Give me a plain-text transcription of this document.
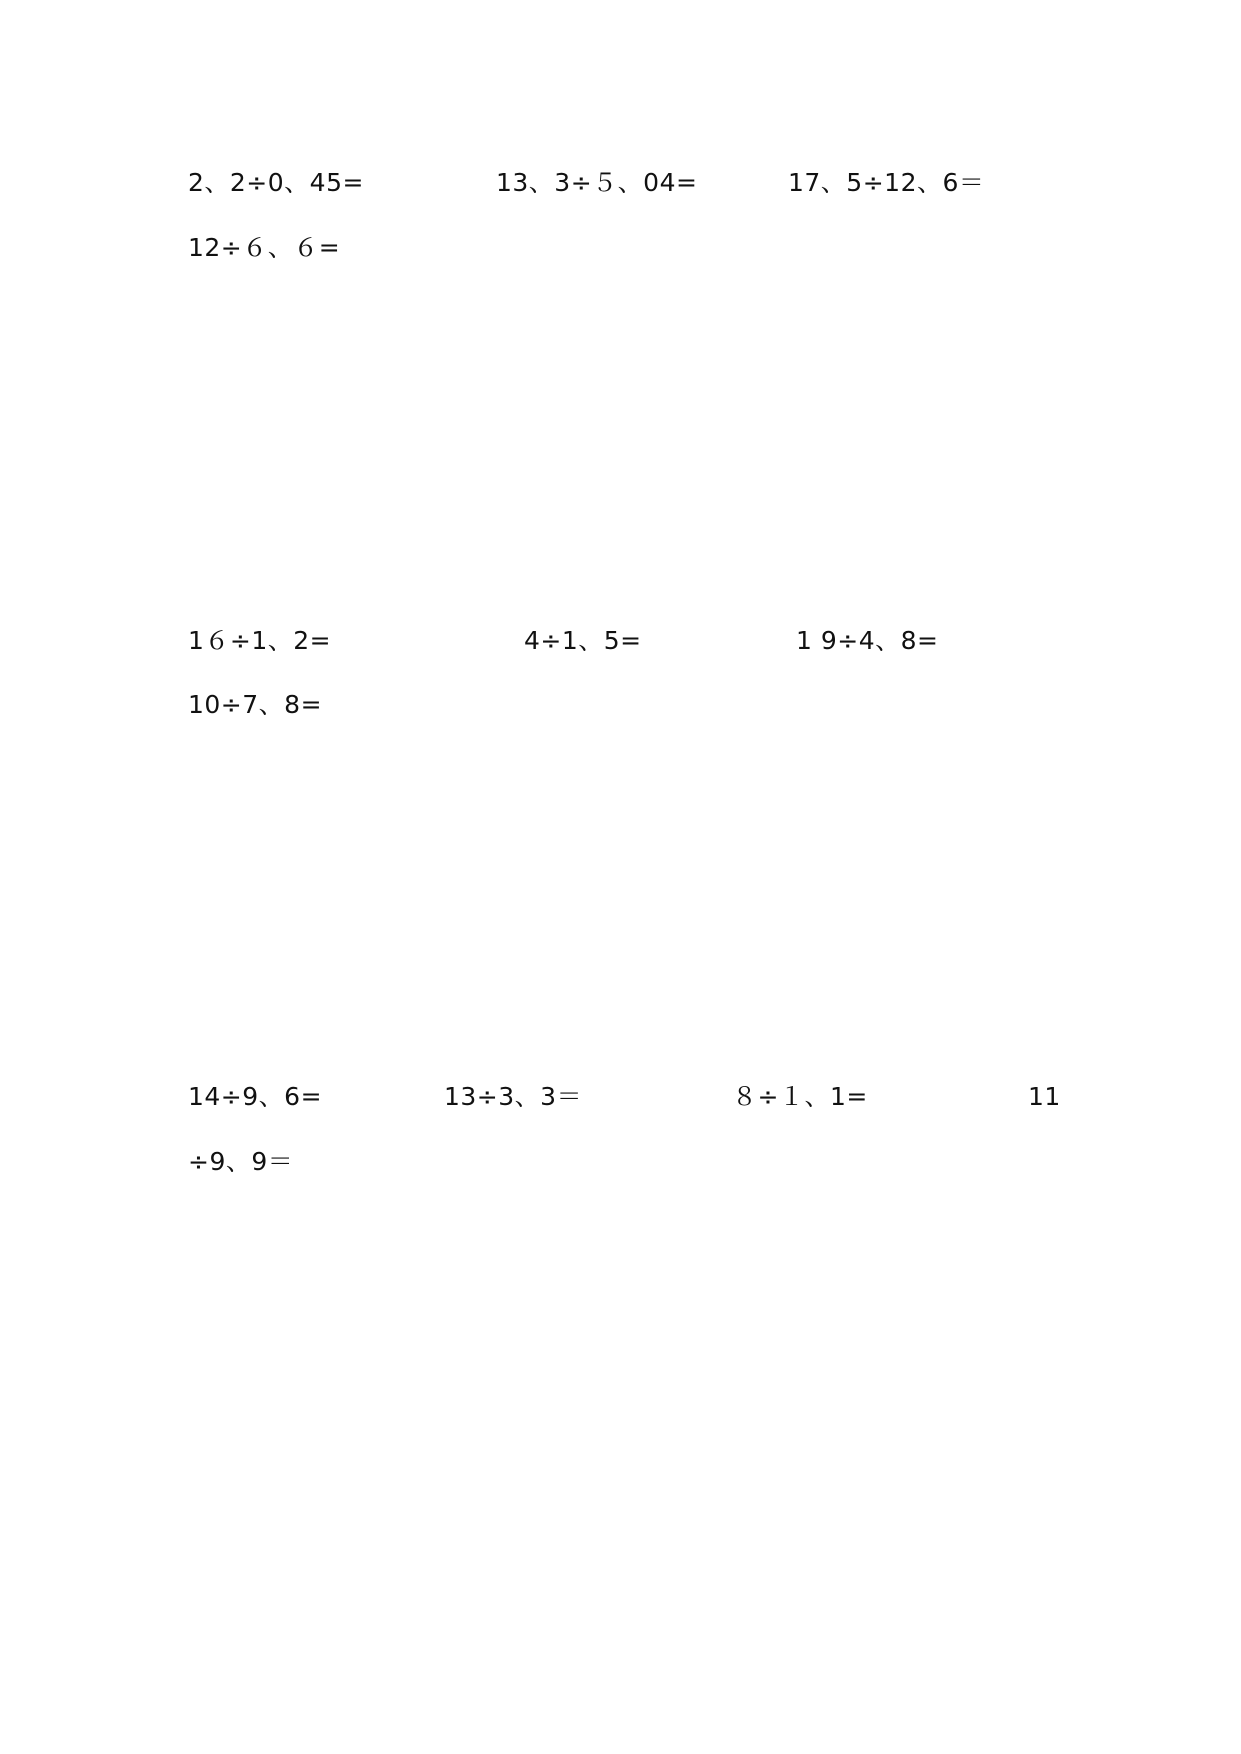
2、2÷0、45=	13、3÷５、04=	17、5÷12、6＝
12÷６、６=
1６÷1、2=	4÷1、5=	1 9÷4、8=
10÷7、8=
14÷9、6=	13÷3、3＝	８÷１、1=	11
÷9、9＝
